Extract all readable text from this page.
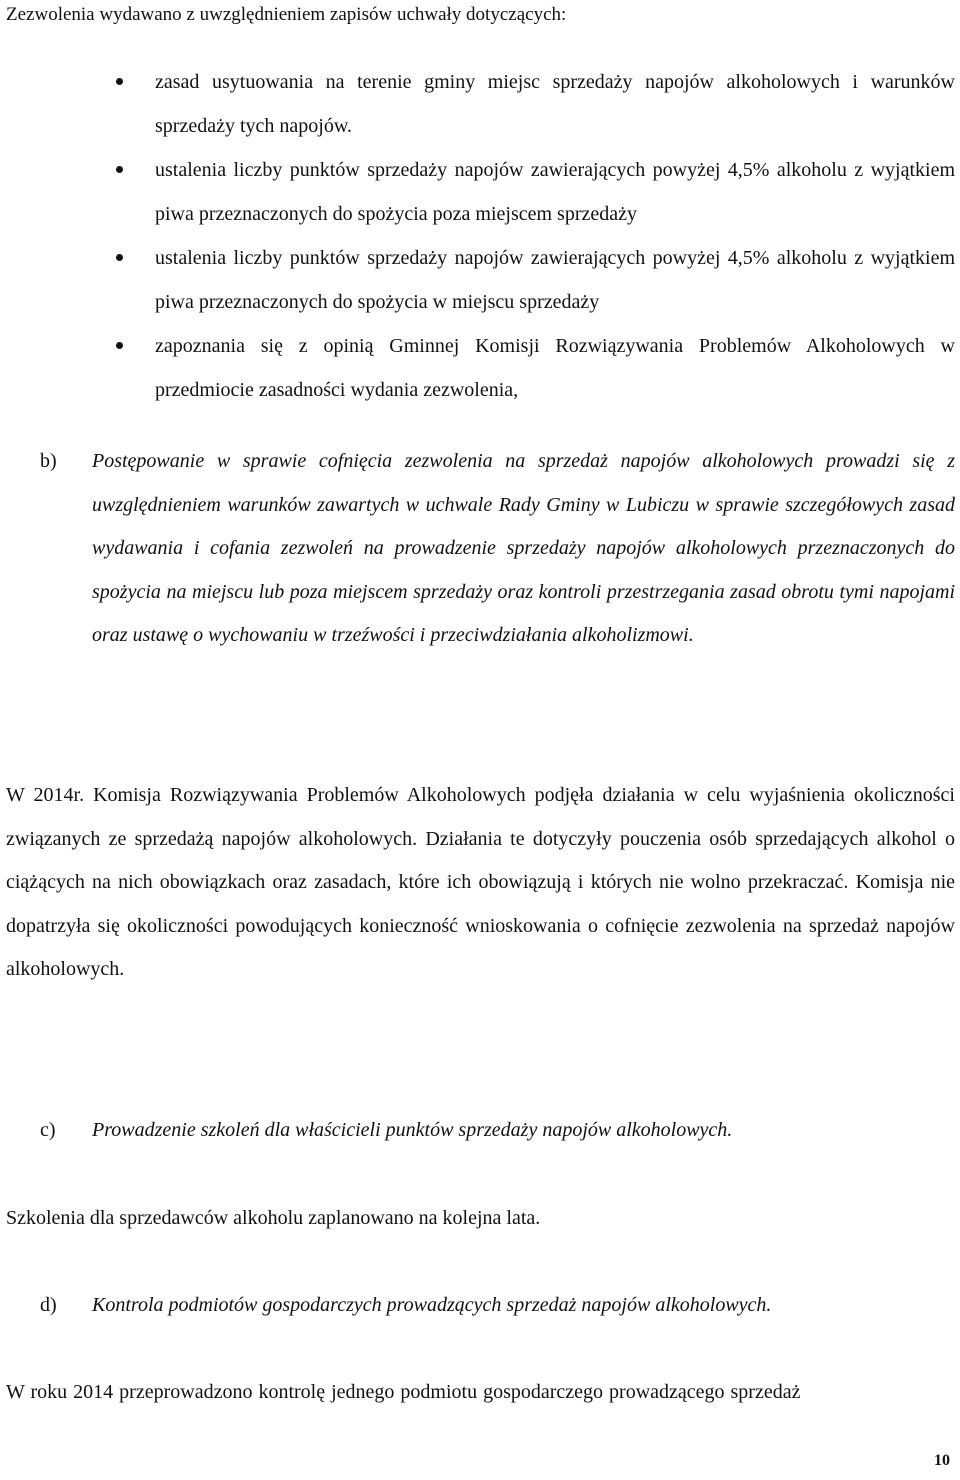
Zezwolenia wydawano z uwzględnieniem zapisów uchwały dotyczących:

zasad usytuowania na terenie gminy miejsc sprzedaży napojów alkoholowych i warunków sprzedaży tych napojów.
ustalenia liczby punktów sprzedaży napojów zawierających powyżej 4,5% alkoholu z wyjątkiem piwa przeznaczonych do spożycia poza miejscem sprzedaży
ustalenia liczby punktów sprzedaży napojów zawierających powyżej 4,5% alkoholu z wyjątkiem piwa przeznaczonych do spożycia w miejscu sprzedaży
zapoznania się z opinią Gminnej Komisji Rozwiązywania Problemów Alkoholowych w przedmiocie zasadności wydania zezwolenia,
b) Postępowanie w sprawie cofnięcia zezwolenia na sprzedaż napojów alkoholowych prowadzi się z uwzględnieniem warunków zawartych w uchwale Rady Gminy w Lubiczu w sprawie szczegółowych zasad wydawania i cofania zezwoleń na prowadzenie sprzedaży napojów alkoholowych przeznaczonych do spożycia na miejscu lub poza miejscem sprzedaży oraz kontroli przestrzegania zasad obrotu tymi napojami oraz ustawę o wychowaniu w trzeźwości i przeciwdziałania alkoholizmowi.

W 2014r. Komisja Rozwiązywania Problemów Alkoholowych podjęła działania w celu wyjaśnienia okoliczności związanych ze sprzedażą napojów alkoholowych. Działania te dotyczyły pouczenia osób sprzedających alkohol o ciążących na nich obowiązkach oraz zasadach, które ich obowiązują i których nie wolno przekraczać. Komisja nie dopatrzyła się okoliczności powodujących konieczność wnioskowania o cofnięcie zezwolenia na sprzedaż napojów alkoholowych.

c) Prowadzenie szkoleń dla właścicieli punktów sprzedaży napojów alkoholowych.

Szkolenia dla sprzedawców alkoholu zaplanowano na kolejna lata.

d) Kontrola podmiotów gospodarczych prowadzących sprzedaż napojów alkoholowych.

W roku 2014 przeprowadzono kontrolę jednego podmiotu gospodarczego prowadzącego sprzedaż

10
